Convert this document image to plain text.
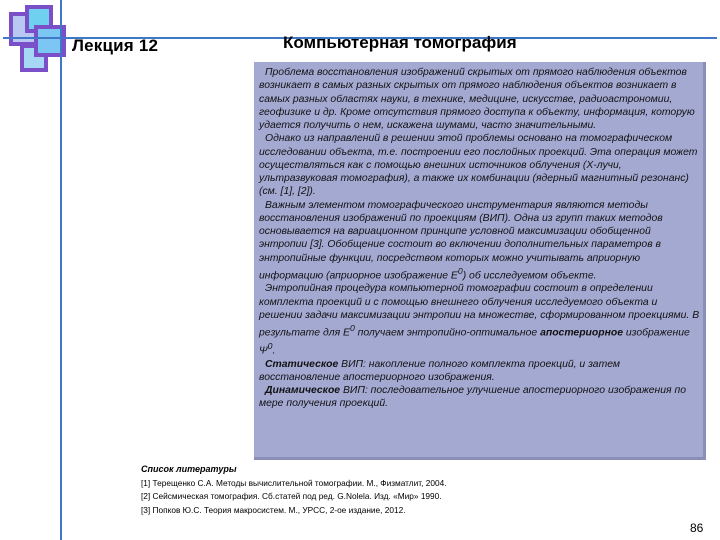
Лекция 12	Компьютерная томография

Проблема восстановления изображений скрытых от прямого наблюдения объектов возникает в самых разных скрытых от прямого наблюдения объектов возникает в самых разных областях науки, в технике, медицине, искусстве, радиоастрономии, геофизике и др. Кроме отсутствия прямого доступа к объекту, информация, которую удается получить о нем, искажена шумами, часто значительными.

Однако из направлений в решении этой проблемы основано на томографическом исследовании объекта, т.е. построении его послойных проекций. Эта операция может осуществляться как с помощью внешних источников облучения (X-лучи, ультразвуковая томография), а также их комбинации (ядерный магнитный резонанс) (см. [1], [2]).

Важным элементом томографического инструментария являются методы восстановления изображений по проекциям (ВИП). Одна из групп таких методов основывается на вариационном принципе условной максимизации обобщенной энтропии [3]. Обобщение состоит во включении дополнительных параметров в энтропийные функции, посредством которых можно учитывать априорную информацию (априорное изображение $E^0$) об исследуемом объекте.

Энтропийная процедура компьютерной томографии состоит в определении комплекта проекций и с помощью внешнего облучения исследуемого объекта и решении задачи максимизации энтропии на множестве, сформированном проекциями. В результате для $E^0$ получаем энтропийно-оптимальное апостериорное изображение $\Psi^0$.

Статическое ВИП: накопление полного комплекта проекций, и затем восстановление апостериорного изображения.

Динамическое ВИП: последовательное улучшение апостериорного изображения по мере получения проекций.

Список литературы
[1] Терещенко С.А. Методы вычислительной томографии. М., Физматлит, 2004.
[2] Сейсмическая томография. Сб.статей под ред. G.Nolela. Изд. «Мир» 1990.
[3] Попков Ю.С. Теория макросистем. М., УРСС, 2-ое издание, 2012.
86
